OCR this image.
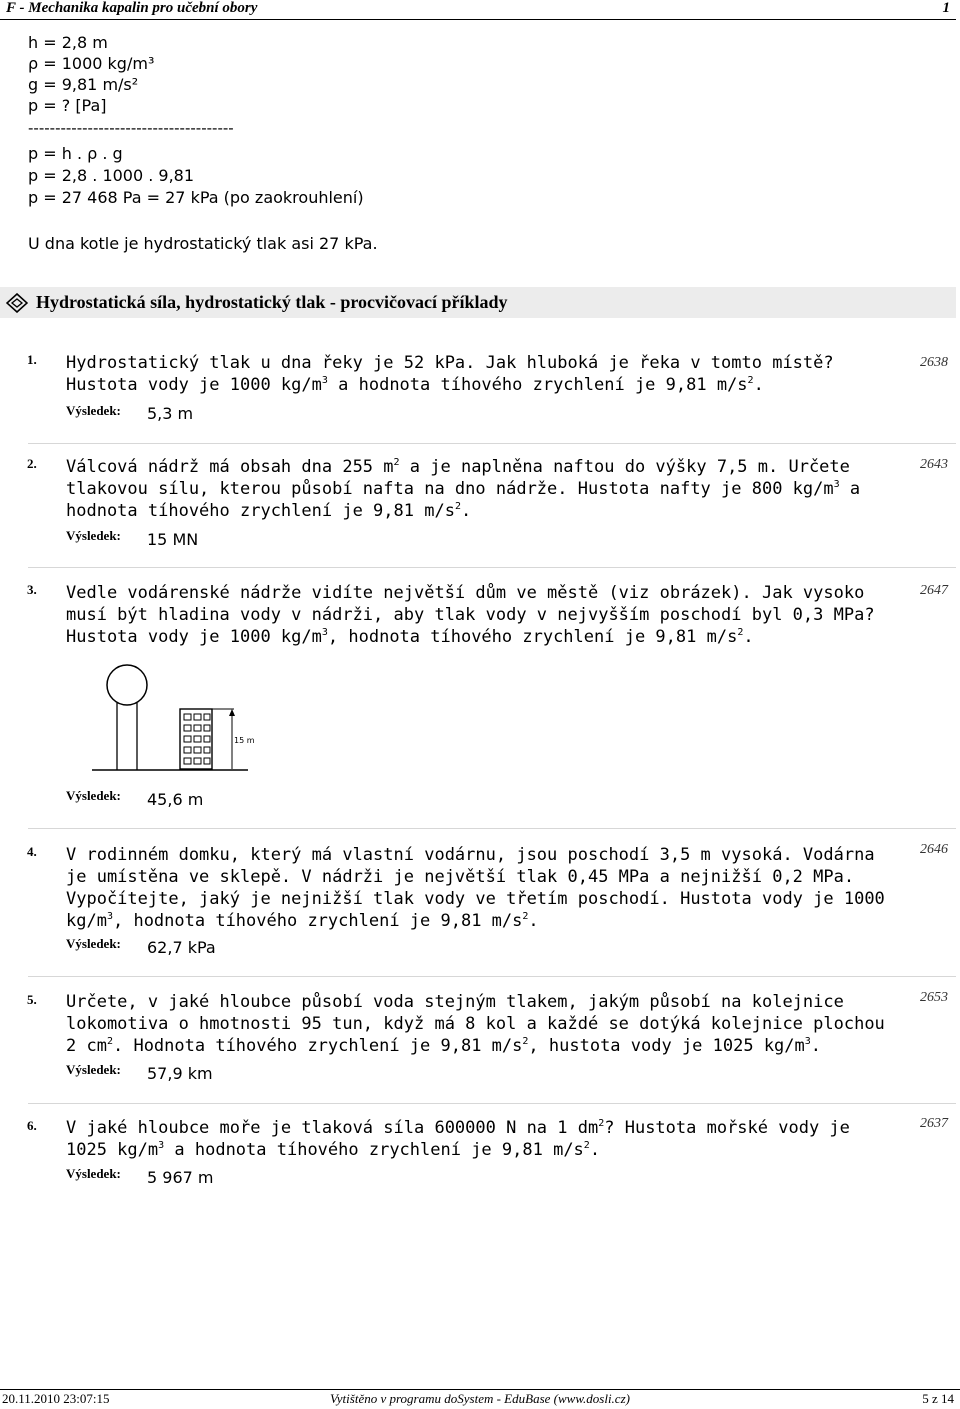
F - Mechanika kapalin pro učební obory	1
h = 2,8 m
ρ = 1000 kg/m³
g = 9,81 m/s²
p = ? [Pa]
--------------------------------------
p = h . ρ . g
p = 2,8 . 1000 . 9,81
p = 27 468 Pa = 27 kPa (po zaokrouhlení)
U dna kotle je hydrostatický tlak asi 27 kPa.
Hydrostatická síla, hydrostatický tlak - procvičovací příklady
1. Hydrostatický tlak u dna řeky je 52 kPa. Jak hluboká je řeka v tomto místě? Hustota vody je 1000 $kg/m^3$ a hodnota tíhového zrychlení je 9,81 $m/s^2$.
2638
Výsledek: 5,3 m
2. Válcová nádrž má obsah dna 255 $m^2$ a je naplněna naftou do výšky 7,5 m. Určete tlakovou sílu, kterou působí nafta na dno nádrže. Hustota nafty je 800 $kg/m^3$ a hodnota tíhového zrychlení je 9,81 $m/s^2$.
2643
Výsledek: 15 MN
3. Vedle vodárenské nádrže vidíte největší dům ve městě (viz obrázek). Jak vysoko musí být hladina vody v nádrži, aby tlak vody v nejvyšším poschodí byl 0,3 MPa? Hustota vody je 1000 $kg/m^3$, hodnota tíhového zrychlení je 9,81 $m/s^2$.
2647
15 m
Výsledek: 45,6 m
4. V rodinném domku, který má vlastní vodárnu, jsou poschodí 3,5 m vysoká. Vodárna je umístěna ve sklepě. V nádrži je největší tlak 0,45 MPa a nejnižší 0,2 MPa. Vypočítejte, jaký je nejnižší tlak vody ve třetím poschodí. Hustota vody je 1000 $kg/m^3$, hodnota tíhového zrychlení je 9,81 $m/s^2$.
2646
Výsledek: 62,7 kPa
5. Určete, v jaké hloubce působí voda stejným tlakem, jakým působí na kolejnice lokomotiva o hmotnosti 95 tun, když má 8 kol a každé se dotýká kolejnice plochou 2 $cm^2$. Hodnota tíhového zrychlení je 9,81 $m/s^2$, hustota vody je 1025 $kg/m^3$.
2653
Výsledek: 57,9 km
6. V jaké hloubce moře je tlaková síla 600000 N na 1 $dm^2$? Hustota mořské vody je 1025 $kg/m^3$ a hodnota tíhového zrychlení je 9,81 $m/s^2$.
2637
Výsledek: 5 967 m
20.11.2010 23:07:15	Vytištěno v programu doSystem - EduBase (www.dosli.cz)	5 z 14
